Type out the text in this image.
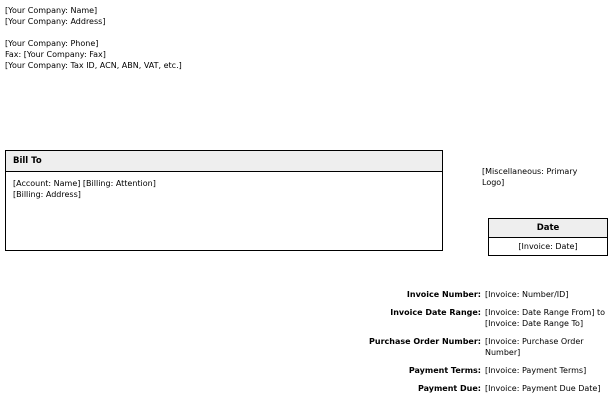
[Your Company: Name]
[Your Company: Address]
[Your Company: Phone]
Fax: [Your Company: Fax]
[Your Company: Tax ID, ACN, ABN, VAT, etc.]
Bill To
[Account: Name] [Billing: Attention]
[Billing: Address]
[Miscellaneous: Primary Logo]
Date
[Invoice: Date]
Invoice Number: [Invoice: Number/ID]
Invoice Date Range: [Invoice: Date Range From] to [Invoice: Date Range To]
Purchase Order Number: [Invoice: Purchase Order Number]
Payment Terms: [Invoice: Payment Terms]
Payment Due: [Invoice: Payment Due Date]
